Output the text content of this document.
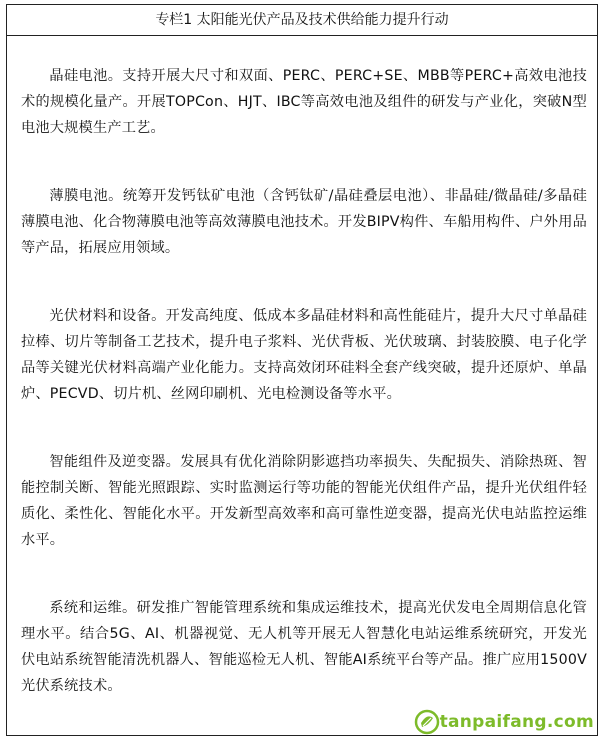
专栏1 太阳能光伏产品及技术供给能力提升行动

晶硅电池。支持开展大尺寸和双面、PERC、PERC+SE、MBB等PERC+高效电池技术的规模化量产。开展TOPCon、HJT、IBC等高效电池及组件的研发与产业化，突破N型电池大规模生产工艺。

薄膜电池。统筹开发钙钛矿电池（含钙钛矿/晶硅叠层电池）、非晶硅/微晶硅/多晶硅薄膜电池、化合物薄膜电池等高效薄膜电池技术。开发BIPV构件、车船用构件、户外用品等产品，拓展应用领域。

光伏材料和设备。开发高纯度、低成本多晶硅材料和高性能硅片，提升大尺寸单晶硅拉棒、切片等制备工艺技术，提升电子浆料、光伏背板、光伏玻璃、封装胶膜、电子化学品等关键光伏材料高端产业化能力。支持高效闭环硅料全套产线突破，提升还原炉、单晶炉、PECVD、切片机、丝网印刷机、光电检测设备等水平。

智能组件及逆变器。发展具有优化消除阴影遮挡功率损失、失配损失、消除热斑、智能控制关断、智能光照跟踪、实时监测运行等功能的智能光伏组件产品，提升光伏组件轻质化、柔性化、智能化水平。开发新型高效率和高可靠性逆变器，提高光伏电站监控运维水平。

系统和运维。研发推广智能管理系统和集成运维技术，提高光伏发电全周期信息化管理水平。结合5G、AI、机器视觉、无人机等开展无人智慧化电站运维系统研究，开发光伏电站系统智能清洗机器人、智能巡检无人机、智能AI系统平台等产品。推广应用1500V光伏系统技术。

tanpaifang.com
